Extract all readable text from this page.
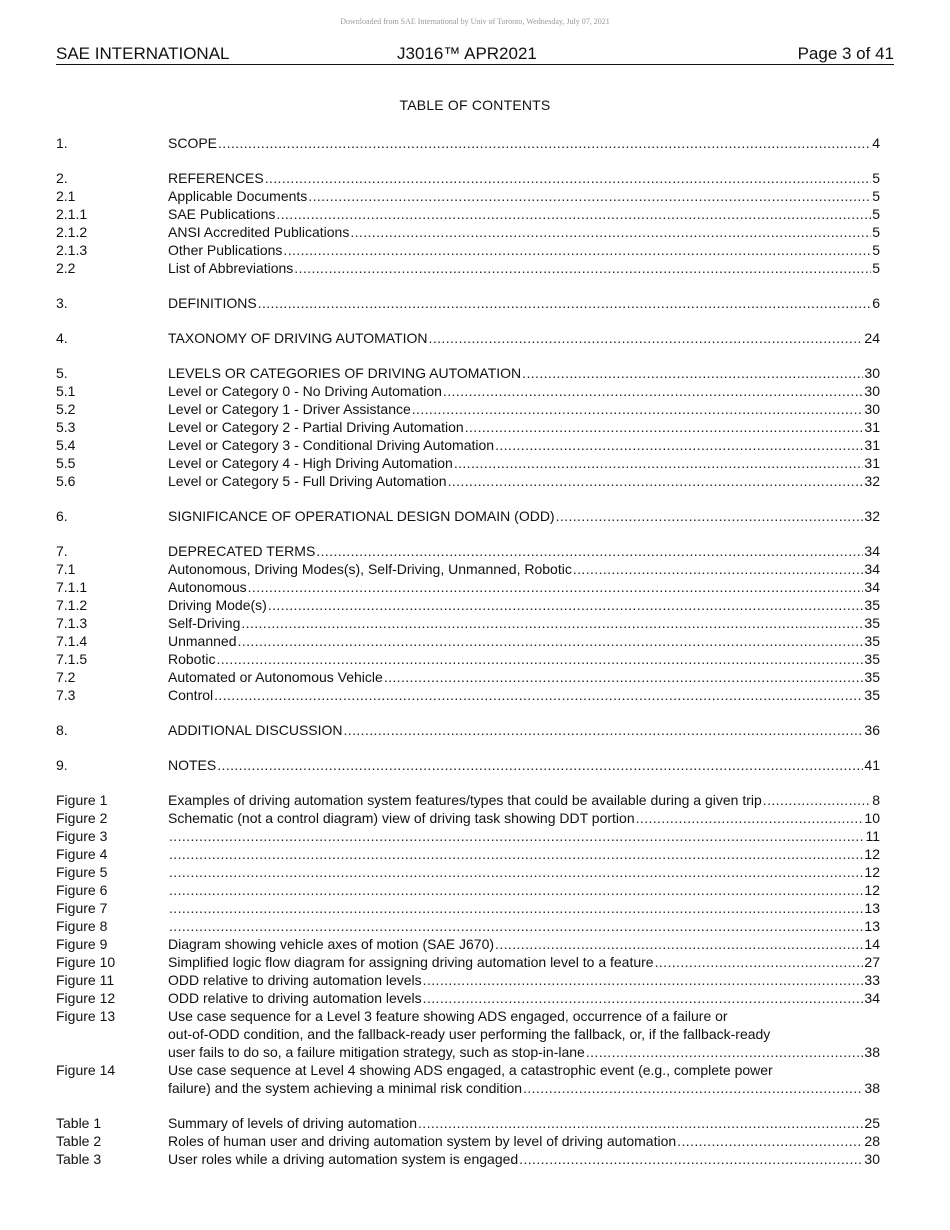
Downloaded from SAE International by Univ of Toronto, Wednesday, July 07, 2021
SAE INTERNATIONAL	J3016™ APR2021	Page 3 of 41
TABLE OF CONTENTS
1.	SCOPE .....	4
2.	REFERENCES .....	5
2.1	Applicable Documents .....	5
2.1.1	SAE Publications .....	5
2.1.2	ANSI Accredited Publications .....	5
2.1.3	Other Publications .....	5
2.2	List of Abbreviations .....	5
3.	DEFINITIONS .....	6
4.	TAXONOMY OF DRIVING AUTOMATION .....	24
5.	LEVELS OR CATEGORIES OF DRIVING AUTOMATION .....	30
5.1	Level or Category 0 - No Driving Automation .....	30
5.2	Level or Category 1 - Driver Assistance .....	30
5.3	Level or Category 2 - Partial Driving Automation .....	31
5.4	Level or Category 3 - Conditional Driving Automation .....	31
5.5	Level or Category 4 - High Driving Automation .....	31
5.6	Level or Category 5 - Full Driving Automation .....	32
6.	SIGNIFICANCE OF OPERATIONAL DESIGN DOMAIN (ODD) .....	32
7.	DEPRECATED TERMS .....	34
7.1	Autonomous, Driving Modes(s), Self-Driving, Unmanned, Robotic .....	34
7.1.1	Autonomous .....	34
7.1.2	Driving Mode(s) .....	35
7.1.3	Self-Driving .....	35
7.1.4	Unmanned .....	35
7.1.5	Robotic .....	35
7.2	Automated or Autonomous Vehicle .....	35
7.3	Control .....	35
8.	ADDITIONAL DISCUSSION .....	36
9.	NOTES .....	41
Figure 1	Examples of driving automation system features/types that could be available during a given trip .....	8
Figure 2	Schematic (not a control diagram) view of driving task showing DDT portion .....	10
Figure 3 .....	11
Figure 4 .....	12
Figure 5 .....	12
Figure 6 .....	12
Figure 7 .....	13
Figure 8 .....	13
Figure 9	Diagram showing vehicle axes of motion (SAE J670) .....	14
Figure 10	Simplified logic flow diagram for assigning driving automation level to a feature .....	27
Figure 11	ODD relative to driving automation levels .....	33
Figure 12	ODD relative to driving automation levels .....	34
Figure 13	Use case sequence for a Level 3 feature showing ADS engaged, occurrence of a failure or
out-of-ODD condition, and the fallback-ready user performing the fallback, or, if the fallback-ready
user fails to do so, a failure mitigation strategy, such as stop-in-lane .....	38
Figure 14	Use case sequence at Level 4 showing ADS engaged, a catastrophic event (e.g., complete power
failure) and the system achieving a minimal risk condition .....	38
Table 1	Summary of levels of driving automation .....	25
Table 2	Roles of human user and driving automation system by level of driving automation .....	28
Table 3	User roles while a driving automation system is engaged .....	30
